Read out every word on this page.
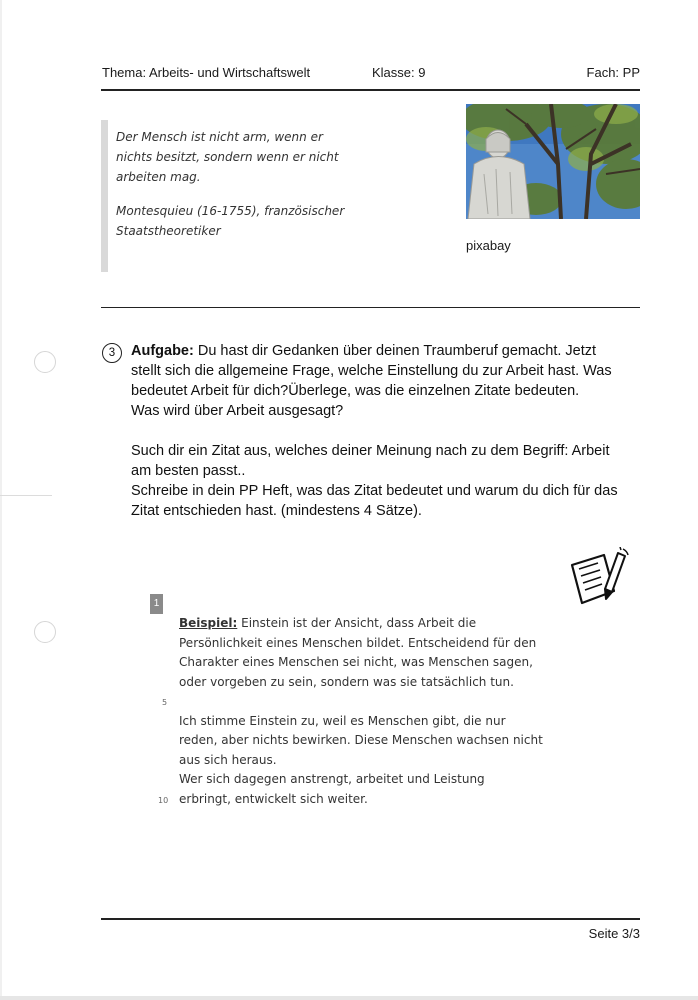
Thema: Arbeits- und Wirtschaftswelt	Klasse: 9	Fach: PP

Der Mensch ist nicht arm, wenn er

nichts besitzt, sondern wenn er nicht

arbeiten mag.

Montesquieu (16-1755), französischer

Staatstheoretiker

pixabay
3	Aufgabe: Du hast dir Gedanken über deinen Traumberuf gemacht. Jetzt

stellt sich die allgemeine Frage, welche Einstellung du zur Arbeit hast. Was

bedeutet Arbeit für dich?Überlege, was die einzelnen Zitate bedeuten.

Was wird über Arbeit ausgesagt?

Such dir ein Zitat aus, welches deiner Meinung nach zu dem Begriff: Arbeit

am besten passt..

Schreibe in dein PP Heft, was das Zitat bedeutet und warum du dich für das

Zitat entschieden hast. (mindestens 4 Sätze).

1

Beispiel: Einstein ist der Ansicht, dass Arbeit die

Persönlichkeit eines Menschen bildet. Entscheidend für den

Charakter eines Menschen sei nicht, was Menschen sagen,

oder vorgeben zu sein, sondern was sie tatsächlich tun.

Ich stimme Einstein zu, weil es Menschen gibt, die nur

reden, aber nichts bewirken. Diese Menschen wachsen nicht

aus sich heraus.

Wer sich dagegen anstrengt, arbeitet und Leistung

erbringt, entwickelt sich weiter.

5
10
Seite 3/3
